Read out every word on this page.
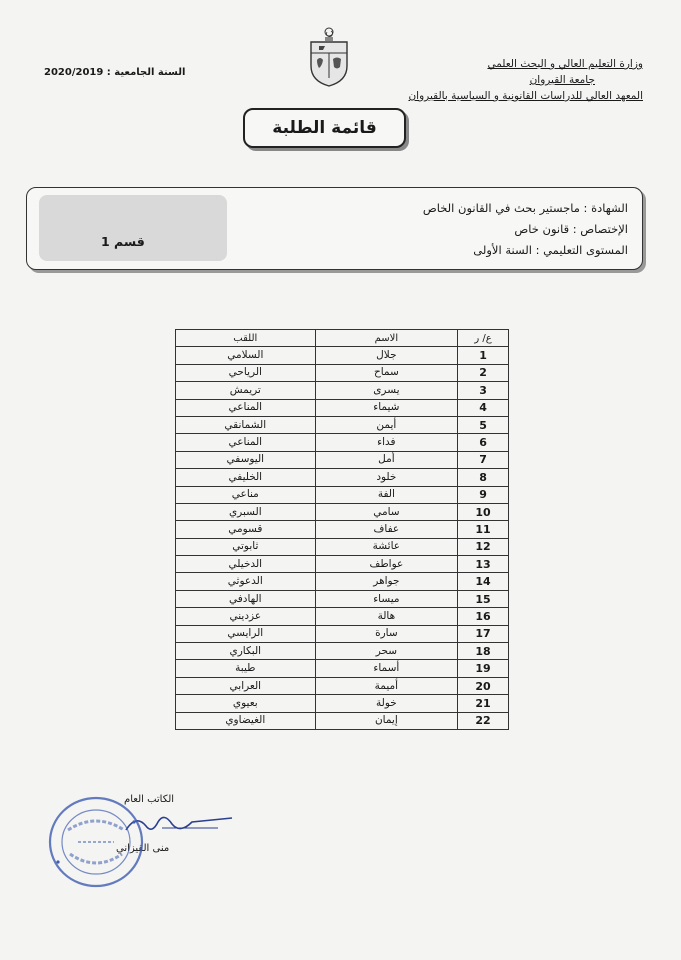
وزارة التعليم العالي و البحث العلمي
جامعة القيروان
المعهد العالي للدراسات القانونية و السياسية بالقيروان
السنة الجامعية : 2020/2019
قائمة الطلبة
قسم 1
الشهادة : ماجستير بحث في القانون الخاص
الإختصاص : قانون خاص
المستوى التعليمي : السنة الأولى
ع/ ر	الاسم	اللقب
1	جلال	السلامي
2	سماح	الرياحي
3	يسرى	تريمش
4	شيماء	المناعي
5	أيمن	الشمانقي
6	فداء	المناعي
7	أمل	اليوسفي
8	خلود	الخليفي
9	الفة	مناعي
10	سامي	السبري
11	عفاف	قسومي
12	عائشة	ثابوتي
13	عواطف	الدخيلي
14	جواهر	الدعوثي
15	ميساء	الهادفي
16	هالة	عزديني
17	سارة	الرايسي
18	سحر	البكاري
19	أسماء	طيبة
20	أميمة	العرابي
21	خولة	بعيوي
22	إيمان	الغيضاوي
الكاتب العام
منى القيزاني
